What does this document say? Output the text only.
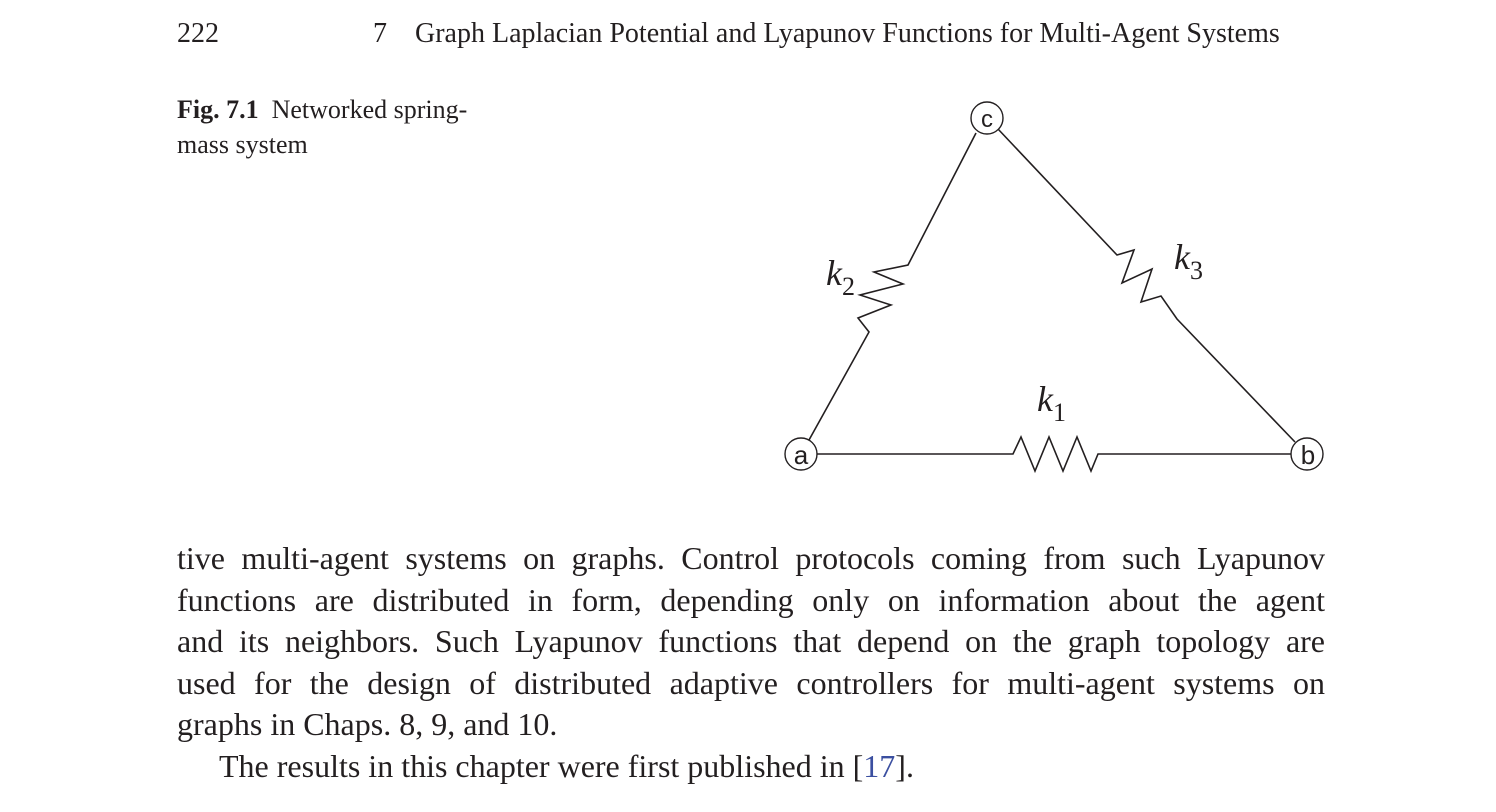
222	7 Graph Laplacian Potential and Lyapunov Functions for Multi-Agent Systems
Fig. 7.1 Networked spring-
mass system
a	b
c
$k_1$
$k_2$
$k_3$
tive multi-agent systems on graphs. Control protocols coming from such Lyapunov
functions are distributed in form, depending only on information about the agent
and its neighbors. Such Lyapunov functions that depend on the graph topology are
used for the design of distributed adaptive controllers for multi-agent systems on
graphs in Chaps. 8, 9, and 10.
The results in this chapter were first published in [17].
